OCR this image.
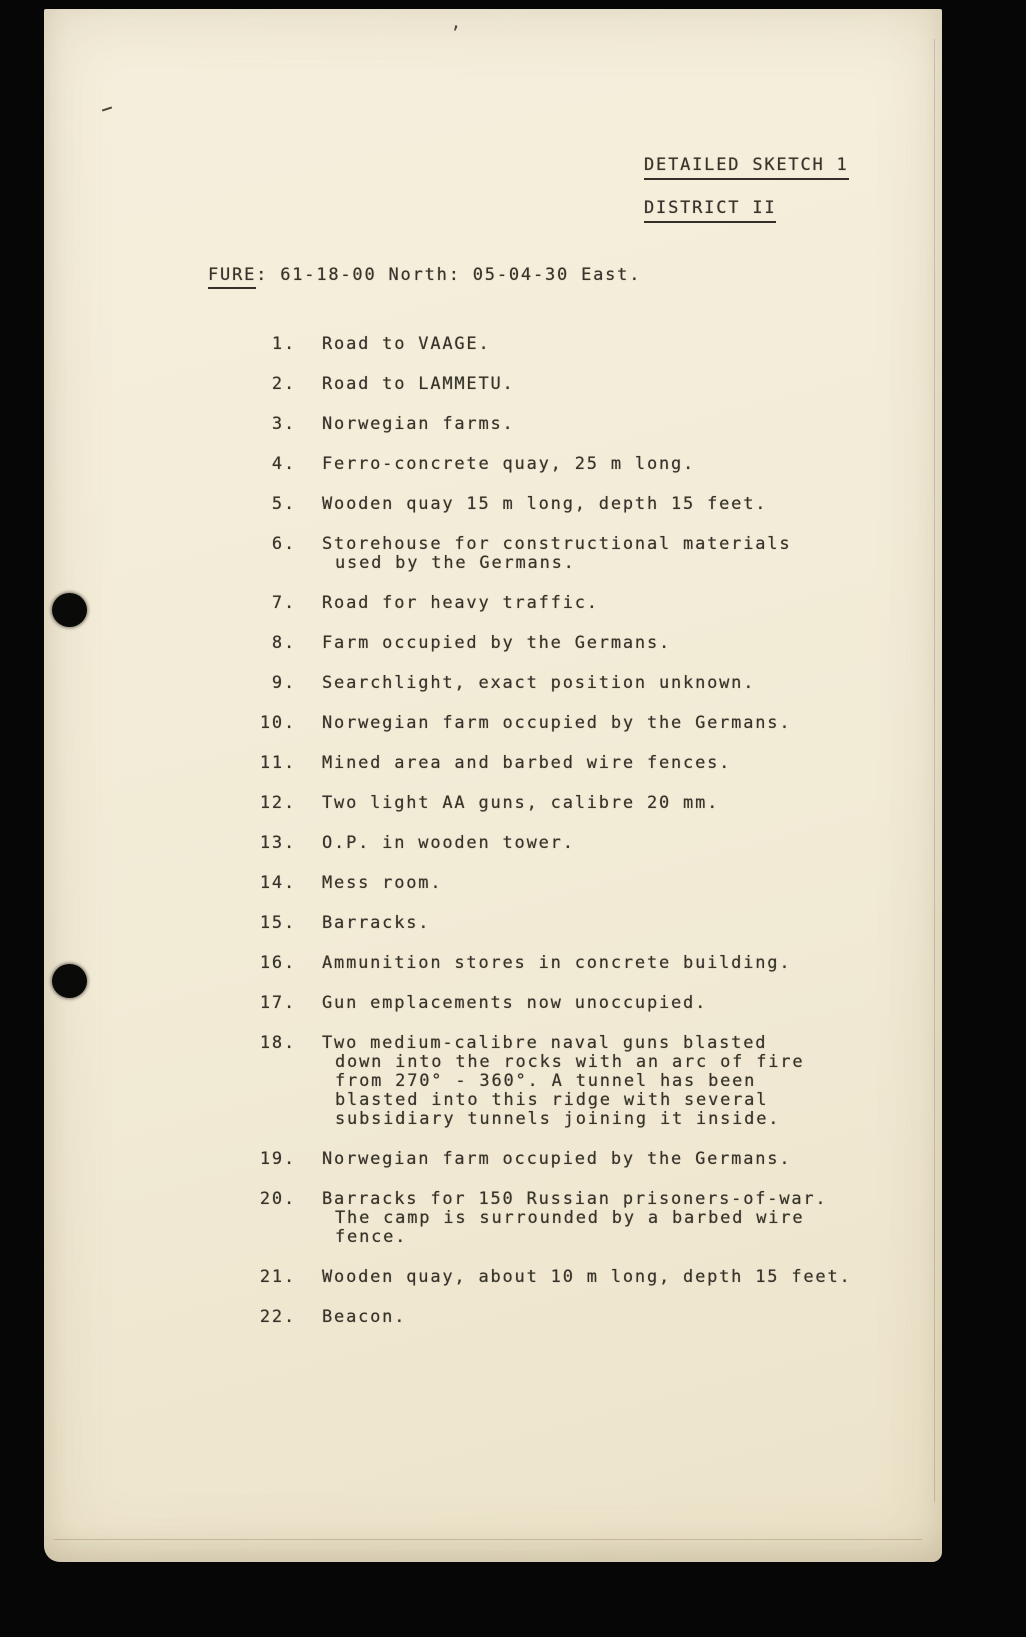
’
DETAILED SKETCH 1
DISTRICT II
FURE: 61-18-00 North: 05-04-30 East.
1. Road to VAAGE.
2. Road to LAMMETU.
3. Norwegian farms.
4. Ferro-concrete quay, 25 m long.
5. Wooden quay 15 m long, depth 15 feet.
6. Storehouse for constructional materials
used by the Germans.
7. Road for heavy traffic.
8. Farm occupied by the Germans.
9. Searchlight, exact position unknown.
10. Norwegian farm occupied by the Germans.
11. Mined area and barbed wire fences.
12. Two light AA guns, calibre 20 mm.
13. O.P. in wooden tower.
14. Mess room.
15. Barracks.
16. Ammunition stores in concrete building.
17. Gun emplacements now unoccupied.
18. Two medium-calibre naval guns blasted
down into the rocks with an arc of fire
from 270° - 360°. A tunnel has been
blasted into this ridge with several
subsidiary tunnels joining it inside.
19. Norwegian farm occupied by the Germans.
20. Barracks for 150 Russian prisoners-of-war.
The camp is surrounded by a barbed wire
fence.
21. Wooden quay, about 10 m long, depth 15 feet.
22. Beacon.
